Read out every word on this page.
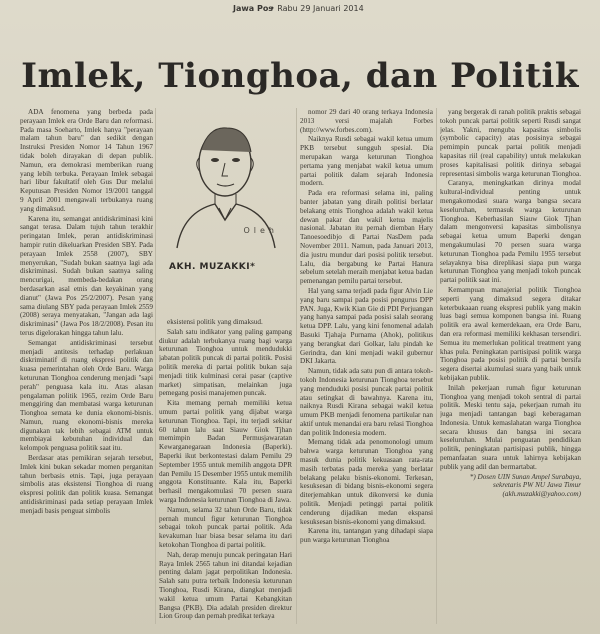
Jawa Pos
• Rabu 29 Januari 2014
Imlek, Tionghoa, dan Politik

ADA fenomena yang berbeda pada perayaan Imlek era Orde Baru dan reformasi. Pada masa Soeharto, Imlek hanya "perayaan malam tahun baru" dan sedikit dengan Instruksi Presiden Nomor 14 Tahun 1967 tidak boleh dirayakan di depan publik. Namun, era demokrasi memberikan ruang yang lebih terbuka. Perayaan Imlek sebagai hari libur fakultatif oleh Gus Dur melalui Keputusan Presiden Nomor 19/2001 tanggal 9 April 2001 mengawali terbukanya ruang yang dimaksud.

Karena itu, semangat antidiskriminasi kini sangat terasa. Dalam tujuh tahun terakhir peringatan Imlek, peran antidiskriminasi hampir rutin dikeluarkan Presiden SBY. Pada perayaan Imlek 2558 (2007), SBY menyerukan, "Sudah bukan saatnya lagi ada diskriminasi. Sudah bukan saatnya saling mencurigai, membeda-bedakan orang berdasarkan asal etnis dan keyakinan yang dianut" (Jawa Pos 25/2/2007). Pesan yang sama diulang SBY pada perayaan Imlek 2559 (2008) seraya menyatakan, "Jangan ada lagi diskriminasi" (Jawa Pos 18/2/2008). Pesan itu terus digelorakan hingga tahun lalu.

Semangat antidiskriminasi tersebut menjadi antitesis terhadap perlakuan diskriminatif di ruang ekspresi politik dan kuasa pemerintahan oleh Orde Baru. Warga keturunan Tionghoa cenderung menjadi "sapi perah" penguasa kala itu. Atas alasan pengalaman politik 1965, rezim Orde Baru menggiring dan membatasi warga keturunan Tionghoa semata ke dunia ekonomi-bisnis. Namun, ruang ekonomi-bisnis mereka digunakan tak lebih sebagai ATM untuk membiayai kebutuhan individual dan kelompok penguasa politik saat itu.

Berdasar atas pemikiran sejarah tersebut, Imlek kini bukan sekadar momen perganitan tahun berbasis etnis. Tapi, juga perayaan simbolis atas eksistensi Tionghoa di ruang ekspresi politik dan politik kuasa. Semangat antidiskriminasi pada setiap perayaan Imlek menjadi basis penguat simbolis

Oleh
AKH. MUZAKKI*

eksistensi politik yang dimaksud.

Salah satu indikator yang paling gampang diukur adalah terbukanya ruang bagi warga keturunan Tionghoa untuk mendudukki jabatan politik puncak di partai politik. Posisi politik mereka di partai politik bukan saja menjadi titik kulminasi cerai pasar (captive market) simpatisan, melainkan juga pemegang posisi manajemen puncak.

Kita memang pernah memiliki ketua umum partai politik yang dijabat warga keturunan Tionghoa. Tapi, itu terjadi sekitar 60 tahun lalu saat Siauw Giok Tjhan memimpin Badan Permusjawaratan Kewarganegaraan Indonesia (Baperki). Baperki ikut berkontestasi dalam Pemilu 29 September 1955 untuk memilih anggota DPR dan Pemilu 15 Desember 1955 untuk memilih anggota Konstituante. Kala itu, Baperki berhasil mengakomulasi 70 persen suara warga Indonesia keturunan Tionghoa di Jawa.

Namun, selama 32 tahun Orde Baru, tidak pernah muncul figur keturunan Tionghoa sebagai tokoh puncak partai politik. Ada kevakuman luar biasa besar selama itu dari ketokohan Tionghoa di partai politik.

Nah, derap menuju puncak peringatan Hari Raya Imlek 2565 tahun ini ditandai kejadian penting dalam jagat perpolitikan Indonesia. Salah satu putra terbaik Indonesia keturunan Tionghoa, Rusdi Kirana, diangkat menjadi wakil ketua umum Partai Kebangkitan Bangsa (PKB). Dia adalah presiden direktur Lion Group dan pernah predikat terkaya

nomor 29 dari 40 orang terkaya Indonesia 2013 versi majalah Forbes (http://www.forbes.com).

Naiknya Rusdi sebagai wakil ketua umum PKB tersebut sungguh spesial. Dia merupakan warga keturunan Tionghoa pertama yang menjabat wakil ketua umum partai politik dalam sejarah Indonesia modern.

Pada era reformasi selama ini, paling banter jabatan yang diraih politisi berlatar belakang etnis Tionghoa adalah wakil ketua dewan pakar dan wakil ketua majelis nasional. Jabatan itu pernah diemban Hary Tanoesoedibjo di Partai NasDem pada November 2011. Namun, pada Januari 2013, dia justru mundur dari posisi politik tersebut. Lalu, dia bergabung ke Partai Hanura sebelum setelah meraih menjabat ketua badan pemenangan pemilu partai tersebut.

Hal yang sama terjadi pada figur Alvin Lie yang baru sampai pada posisi pengurus DPP PAN. Juga, Kwik Kian Gie di PDI Perjuangan yang hanya sampai pada posisi salah seorang ketua DPP. Lalu, yang kini fenomenal adalah Basuki Tjahaja Purnama (Ahok), politikus yang berangkat dari Golkar, lalu pindah ke Gerindra, dan kini menjadi wakil gubernur DKI Jakarta.

Namun, tidak ada satu pun di antara tokoh-tokoh Indonesia keturunan Tionghoa tersebut yang menduduki posisi puncak partai politik atau setingkat di bawahnya. Karena itu, naiknya Rusdi Kirana sebagai wakil ketua umum PKB menjadi fenomena partikular nan aktif untuk menandai era baru relasi Tionghoa dan politik Indonesia modern.

Memang tidak ada penomonologi umum bahwa warga keturunan Tionghoa yang masuk dunia politik kekuasaan rata-rata masih terbatas pada mereka yang berlatar belakang pelaku bisnis-ekonomi. Terkesan, kesuksesan di bidang bisnis-ekonomi segera diterjemahkan untuk dikonversi ke dunia politik. Menjadi petinggi partai politik cenderung dijadikan medan ekspansi kesuksesan bisnis-ekonomi yang dimaksud.

Karena itu, tantangan yang dihadapi siapa pun warga keturunan Tionghoa

yang bergerak di ranah politik praktis sebagai tokoh puncak partai politik seperti Rusdi sangat jelas. Yakni, menguba kapasitas simbolis (symbolic capacity) atas posisinya sebagai pemimpin puncak partai politik menjadi kapasitas riil (real capability) untuk melakukan proses kapitalisasi politik dirinya sebagai representasi simbolis warga keturunan Tionghoa.

Caranya, meningkatkan dirinya modal kultural-individual penting untuk mengakomodasi suara warga bangsa secara keseluruhan, termasuk warga keturunan Tionghoa. Keberhasilan Siauw Giok Tjhan dalam mengonversi kapasitas simbolisnya sebagai ketua umum Baperki dengan mengakumulasi 70 persen suara warga keturunan Tionghoa pada Pemilu 1955 tersebut selayaknya bisa direplikasi siapa pun warga keturunan Tionghoa yang menjadi tokoh puncak partai politik saat ini.

Kemampuan manajerial politik Tionghoa seperti yang dimaksud segera ditakar keterbukaaan ruang ekspresi publik yang makin luas bagi semua komponen bangsa ini. Ruang politik era awal kemerdekaan, era Orde Baru, dan era reformasi memiliki kekhasan tersendiri. Semua itu memerlukan political treatment yang khas pula. Peningkatan partisipasi politik warga Tionghoa pada posisi politik di partai bersifa segera disertai akumulasi suara yang baik untuk kebijakan publik.

Inilah pekerjaan rumah figur keturunan Tionghoa yang menjadi tokoh sentral di partai politik. Meski tentu saja, pekerjaan rumah itu juga menjadi tantangan bagi keberagaman Indonesia. Untuk kemaslahatan warga Tionghoa secara khusus dan bangsa ini secara keseluruhan. Mulai penguatan pendidikan politik, peningkatan partisipasi publik, hingga pemanfaatan suara untuk lahirnya kebijakan publik yang adil dan bermartabat.

*) Dosen UIN Sunan Ampel Surabaya, sekretaris PW NU Jawa Timur (akh.muzakki@yahoo.com)
